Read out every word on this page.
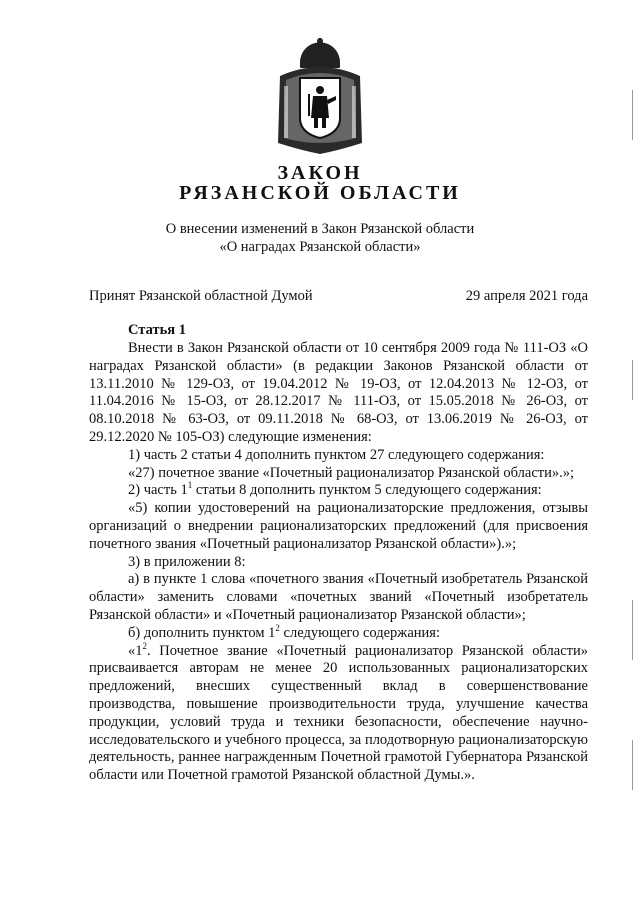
ЗАКОН
РЯЗАНСКОЙ ОБЛАСТИ
О внесении изменений в Закон Рязанской области
«О наградах Рязанской области»
Принят Рязанской областной Думой	29 апреля 2021 года
Статья 1

Внести в Закон Рязанской области от 10 сентября 2009 года № 111-ОЗ «О наградах Рязанской области» (в редакции Законов Рязанской области от 13.11.2010 № 129-ОЗ, от 19.04.2012 № 19-ОЗ, от 12.04.2013 № 12-ОЗ, от 11.04.2016 № 15-ОЗ, от 28.12.2017 № 111-ОЗ, от 15.05.2018 № 26-ОЗ, от 08.10.2018 № 63-ОЗ, от 09.11.2018 № 68-ОЗ, от 13.06.2019 № 26-ОЗ, от 29.12.2020 № 105-ОЗ) следующие изменения:

1) часть 2 статьи 4 дополнить пунктом 27 следующего содержания:

«27) почетное звание «Почетный рационализатор Рязанской области».»;

2) часть $1^1$ статьи 8 дополнить пунктом 5 следующего содержания:

«5) копии удостоверений на рационализаторские предложения, отзывы организаций о внедрении рационализаторских предложений (для присвоения почетного звания «Почетный рационализатор Рязанской области»).»;

3) в приложении 8:

а) в пункте 1 слова «почетного звания «Почетный изобретатель Рязанской области» заменить словами «почетных званий «Почетный изобретатель Рязанской области» и «Почетный рационализатор Рязанской области»;

б) дополнить пунктом $1^2$ следующего содержания:

«$1^2$. Почетное звание «Почетный рационализатор Рязанской области» присваивается авторам не менее 20 использованных рационализаторских предложений, внесших существенный вклад в совершенствование производства, повышение производительности труда, улучшение качества продукции, условий труда и техники безопасности, обеспечение научно-исследовательского и учебного процесса, за плодотворную рационализаторскую деятельность, раннее награжденным Почетной грамотой Губернатора Рязанской области или Почетной грамотой Рязанской областной Думы.».
